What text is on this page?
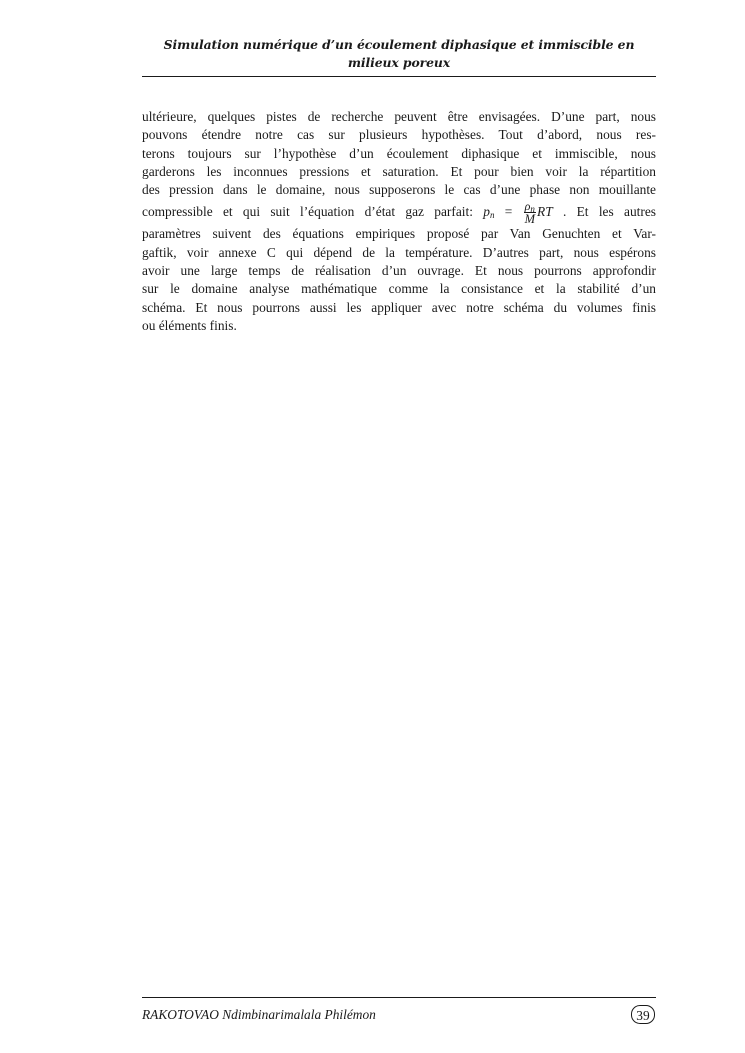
Simulation numérique d’un écoulement diphasique et immiscible en
milieux poreux
ultérieure, quelques pistes de recherche peuvent être envisagées. D’une part, nous
pouvons étendre notre cas sur plusieurs hypothèses. Tout d’abord, nous res-
terons toujours sur l’hypothèse d’un écoulement diphasique et immiscible, nous
garderons les inconnues pressions et saturation. Et pour bien voir la répartition
des pression dans le domaine, nous supposerons le cas d’une phase non mouillante
compressible et qui suit l’équation d’état gaz parfait: $p_n = \frac{\rho_n}{M}$ RT . Et les autres
paramètres suivent des équations empiriques proposé par Van Genuchten et Var-
gaftik, voir annexe C qui dépend de la température. D’autres part, nous espérons
avoir une large temps de réalisation d’un ouvrage. Et nous pourrons approfondir
sur le domaine analyse mathématique comme la consistance et la stabilité d’un
schéma. Et nous pourrons aussi les appliquer avec notre schéma du volumes finis
ou éléments finis.
RAKOTOVAO Ndimbinarimalala Philémon	39
